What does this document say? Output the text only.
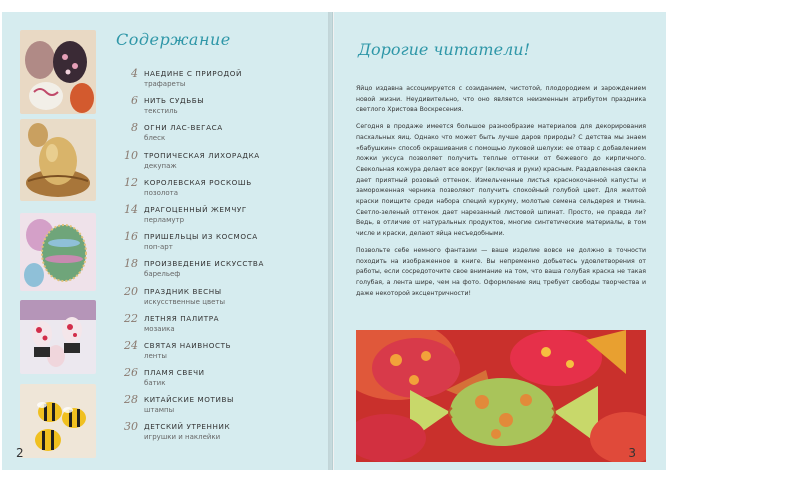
Содержание
4 НАЕДИНЕ С ПРИРОДОЙ
трафареты
6 НИТЬ СУДЬБЫ
текстиль
8 ОГНИ ЛАС-ВЕГАСА
блеск
10 ТРОПИЧЕСКАЯ ЛИХОРАДКА
декупаж
12 КОРОЛЕВСКАЯ РОСКОШЬ
позолота
14 ДРАГОЦЕННЫЙ ЖЕМЧУГ
перламутр
16 ПРИШЕЛЬЦЫ ИЗ КОСМОСА
поп-арт
18 ПРОИЗВЕДЕНИЕ ИСКУССТВА
барельеф
20 ПРАЗДНИК ВЕСНЫ
искусственные цветы
22 ЛЕТНЯЯ ПАЛИТРА
мозаика
24 СВЯТАЯ НАИВНОСТЬ
ленты
26 ПЛАМЯ СВЕЧИ
батик
28 КИТАЙСКИЕ МОТИВЫ
штампы
30 ДЕТСКИЙ УТРЕННИК
игрушки и наклейки
2
Дорогие читатели!

Яйцо издавна ассоциируется с созиданием, чистотой, плодородием и зарождением новой жизни. Неудивительно, что оно является неизменным атрибутом праздника светлого Христова Воскресения.

Сегодня в продаже имеется большое разнообразие материалов для декорирования пасхальных яиц. Однако что может быть лучше даров природы? С детства мы знаем «бабушкин» способ окрашивания с помощью луковой шелухи: ее отвар с добавлением ложки уксуса позволяет получить теплые оттенки от бежевого до кирпичного. Свекольная кожура делает все вокруг (включая и руки) красным. Раздавленная свекла дает приятный розовый оттенок. Измельченные листья краснокочанной капусты и замороженная черника позволяют получить спокойный голубой цвет. Для желтой краски поищите среди набора специй куркуму, молотые семена сельдерея и тмина. Светло-зеленый оттенок дает нарезанный листовой шпинат. Просто, не правда ли? Ведь, в отличие от натуральных продуктов, многие синтетические материалы, в том числе и краски, делают яйца несъедобными.

Позвольте себе немного фантазии — ваше изделие вовсе не должно в точности походить на изображенное в книге. Вы непременно добьетесь удовлетворения от работы, если сосредоточите свое внимание на том, что ваша голубая краска не такая голубая, а лента шире, чем на фото. Оформление яиц требует свободы творчества и даже некоторой эксцентричности!

3
